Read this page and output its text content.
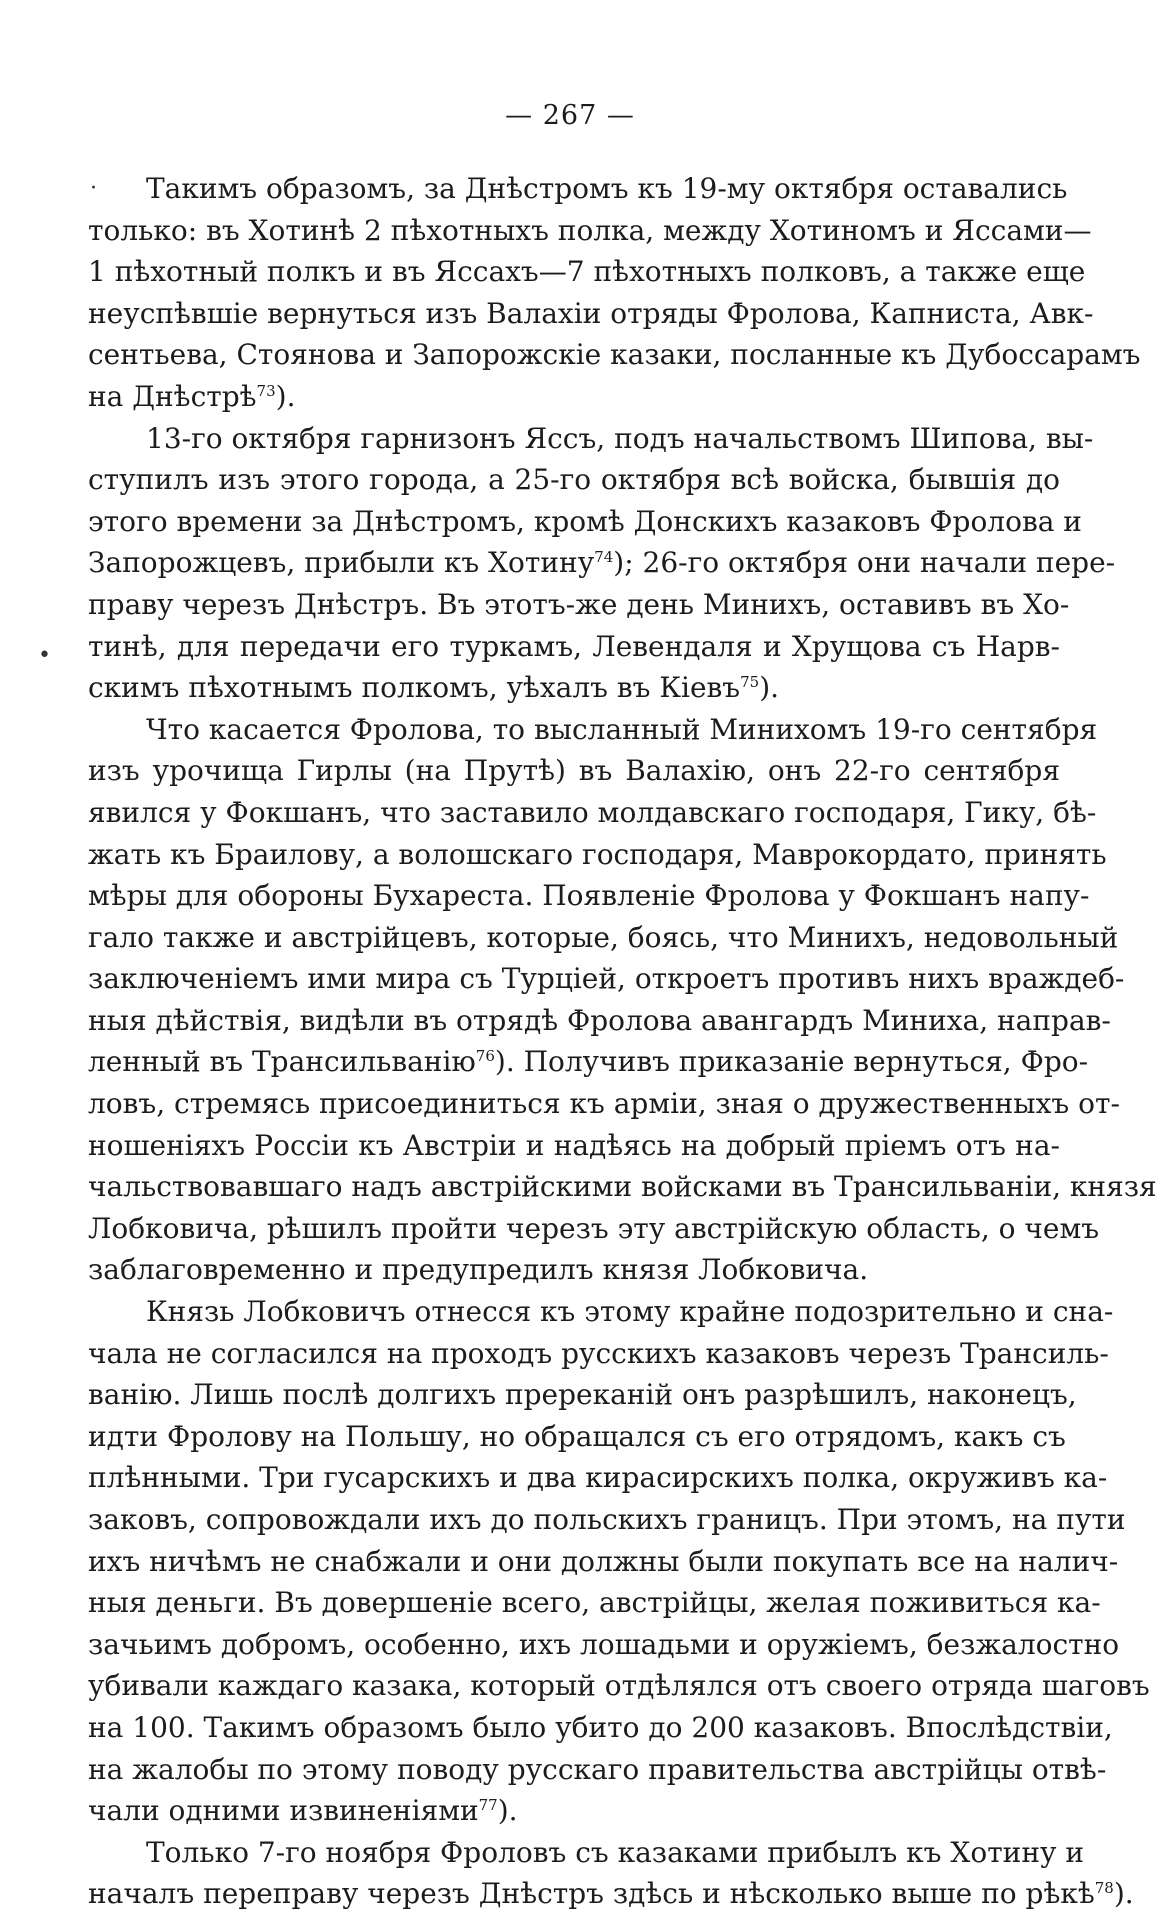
— 267 —
·
•
Такимъ образомъ, за Днѣстромъ къ 19-му октября оставались
только: въ Хотинѣ 2 пѣхотныхъ полка, между Хотиномъ и Яссами—
1 пѣхотный полкъ и въ Яссахъ—7 пѣхотныхъ полковъ, а также еще
неуспѣвшіе вернуться изъ Валахіи отряды Фролова, Капниста, Авк-
сентьева, Стоянова и Запорожскіе казаки, посланные къ Дубоссарамъ
на Днѣстрѣ$^{73}$).
13-го октября гарнизонъ Яссъ, подъ начальствомъ Шипова, вы-
ступилъ изъ этого города, а 25-го октября всѣ войска, бывшія до
этого времени за Днѣстромъ, кромѣ Донскихъ казаковъ Фролова и
Запорожцевъ, прибыли къ Хотину$^{74}$); 26-го октября они начали пере-
праву черезъ Днѣстръ. Въ этотъ-же день Минихъ, оставивъ въ Хо-
тинѣ, для передачи его туркамъ, Левендаля и Хрущова съ Нарв-
скимъ пѣхотнымъ полкомъ, уѣхалъ въ Кіевъ$^{75}$).
Что касается Фролова, то высланный Минихомъ 19-го сентября
изъ урочища Гирлы (на Прутѣ) въ Валахію, онъ 22-го сентября
явился у Фокшанъ, что заставило молдавскаго господаря, Гику, бѣ-
жать къ Браилову, а волошскаго господаря, Маврокордато, принять
мѣры для обороны Бухареста. Появленіе Фролова у Фокшанъ напу-
гало также и австрійцевъ, которые, боясь, что Минихъ, недовольный
заключеніемъ ими мира съ Турціей, откроетъ противъ нихъ враждеб-
ныя дѣйствія, видѣли въ отрядѣ Фролова авангардъ Миниха, направ-
ленный въ Трансильванію$^{76}$). Получивъ приказаніе вернуться, Фро-
ловъ, стремясь присоединиться къ арміи, зная о дружественныхъ от-
ношеніяхъ Россіи къ Австріи и надѣясь на добрый пріемъ отъ на-
чальствовавшаго надъ австрійскими войсками въ Трансильваніи, князя
Лобковича, рѣшилъ пройти черезъ эту австрійскую область, о чемъ
заблаговременно и предупредилъ князя Лобковича.
Князь Лобковичъ отнесся къ этому крайне подозрительно и сна-
чала не согласился на проходъ русскихъ казаковъ черезъ Трансиль-
ванію. Лишь послѣ долгихъ пререканій онъ разрѣшилъ, наконецъ,
идти Фролову на Польшу, но обращался съ его отрядомъ, какъ съ
плѣнными. Три гусарскихъ и два кирасирскихъ полка, окруживъ ка-
заковъ, сопровождали ихъ до польскихъ границъ. При этомъ, на пути
ихъ ничѣмъ не снабжали и они должны были покупать все на налич-
ныя деньги. Въ довершеніе всего, австрійцы, желая поживиться ка-
зачьимъ добромъ, особенно, ихъ лошадьми и оружіемъ, безжалостно
убивали каждаго казака, который отдѣлялся отъ своего отряда шаговъ
на 100. Такимъ образомъ было убито до 200 казаковъ. Впослѣдствіи,
на жалобы по этому поводу русскаго правительства австрійцы отвѣ-
чали одними извиненіями$^{77}$).
Только 7-го ноября Фроловъ съ казаками прибылъ къ Хотину и
началъ переправу черезъ Днѣстръ здѣсь и нѣсколько выше по рѣкѣ$^{78}$).
